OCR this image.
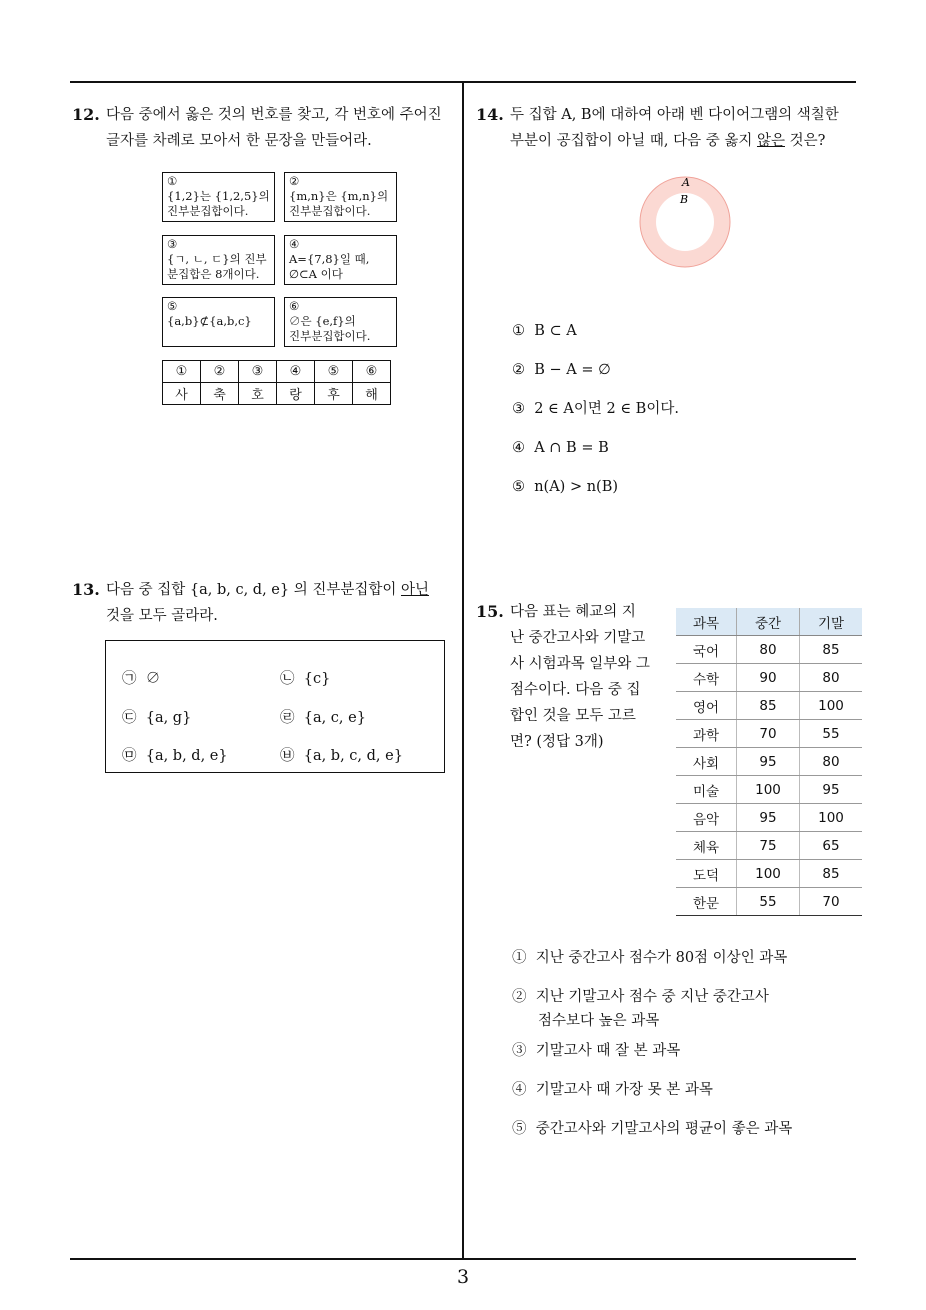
12. 다음 중에서 옳은 것의 번호를 찾고, 각 번호에 주어진
글자를 차례로 모아서 한 문장을 만들어라.
①
{1,2}는 {1,2,5}의
진부분집합이다.
②
{m,n}은 {m,n}의
진부분집합이다.
③
{ㄱ, ㄴ, ㄷ}의 진부
분집합은 8개이다.
④
A={7,8}일 때,
∅⊂A 이다
⑤
{a,b}⊄{a,b,c}
⑥
∅은 {e,f}의
진부분집합이다.
①	②	③	④	⑤	⑥
사	축	호	랑	후	해
13. 다음 중 집합 {a, b, c, d, e} 의 진부분집합이 아닌
것을 모두 골라라.
㉠ ∅	㉡ {c}
㉢ {a, g}	㉣ {a, c, e}
㉤ {a, b, d, e}	㉥ {a, b, c, d, e}
14. 두 집합 A, B에 대하여 아래 벤 다이어그램의 색칠한
부분이 공집합이 아닐 때, 다음 중 옳지 않은 것은?
A
B
① B ⊂ A
② B − A = ∅
③ 2 ∈ A이면 2 ∈ B이다.
④ A ∩ B = B
⑤ n(A) > n(B)
15. 다음 표는 혜교의 지
난 중간고사와 기말고
사 시험과목 일부와 그
점수이다. 다음 중 집
합인 것을 모두 고르
면? (정답 3개)
과목	중간	기말
국어	80	85
수학	90	80
영어	85	100
과학	70	55
사회	95	80
미술	100	95
음악	95	100
체육	75	65
도덕	100	85
한문	55	70
① 지난 중간고사 점수가 80점 이상인 과목
② 지난 기말고사 점수 중 지난 중간고사
점수보다 높은 과목
③ 기말고사 때 잘 본 과목
④ 기말고사 때 가장 못 본 과목
⑤ 중간고사와 기말고사의 평균이 좋은 과목
3
